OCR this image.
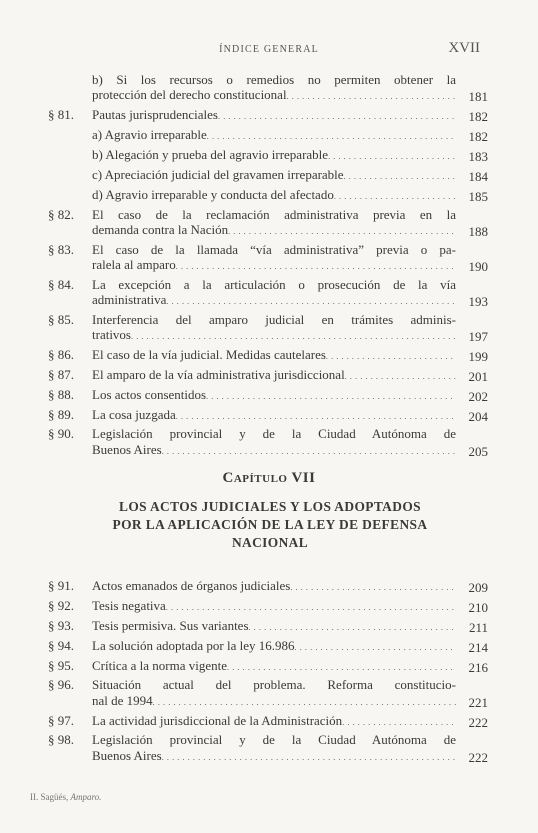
ÍNDICE GENERAL	XVII
b) Si los recursos o remedios no permiten obtener la
protección del derecho constitucional . . .	181
§ 81. Pautas jurisprudenciales . . .	182
a) Agravio irreparable . . .	182
b) Alegación y prueba del agravio irreparable . . .	183
c) Apreciación judicial del gravamen irreparable . . .	184
d) Agravio irreparable y conducta del afectado . . .	185
§ 82. El caso de la reclamación administrativa previa en la
demanda contra la Nación . . .	188
§ 83. El caso de la llamada “vía administrativa” previa o pa-
ralela al amparo . . .	190
§ 84. La excepción a la articulación o prosecución de la vía
administrativa . . .	193
§ 85. Interferencia del amparo judicial en trámites adminis-
trativos . . .	197
§ 86. El caso de la vía judicial. Medidas cautelares . . .	199
§ 87. El amparo de la vía administrativa jurisdiccional . . .	201
§ 88. Los actos consentidos . . .	202
§ 89. La cosa juzgada . . .	204
§ 90. Legislación provincial y de la Ciudad Autónoma de
Buenos Aires . . .	205
Capítulo VII
LOS ACTOS JUDICIALES Y LOS ADOPTADOS
POR LA APLICACIÓN DE LA LEY DE DEFENSA
NACIONAL
§ 91. Actos emanados de órganos judiciales . . .	209
§ 92. Tesis negativa . . .	210
§ 93. Tesis permisiva. Sus variantes . . .	211
§ 94. La solución adoptada por la ley 16.986 . . .	214
§ 95. Crítica a la norma vigente . . .	216
§ 96. Situación actual del problema. Reforma constitucio-
nal de 1994 . . .	221
§ 97. La actividad jurisdiccional de la Administración . . .	222
§ 98. Legislación provincial y de la Ciudad Autónoma de
Buenos Aires . . .	222
II. Sagüés, Amparo.
